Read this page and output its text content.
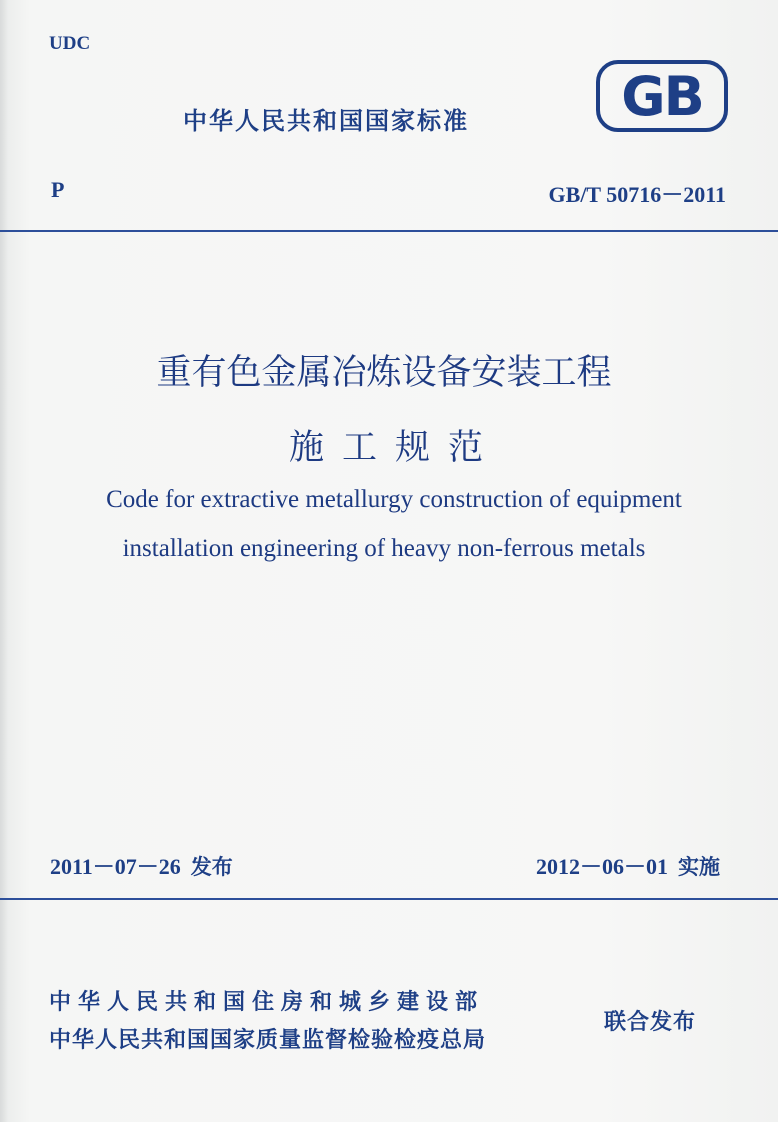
UDC
中华人民共和国国家标准	GB
P	GB/T 50716－2011
重有色金属冶炼设备安装工程
施工规范
Code for extractive metallurgy construction of equipment
installation engineering of heavy non-ferrous metals
2011－07－26 发布	2012－06－01 实施
中华人民共和国住房和城乡建设部
中华人民共和国国家质量监督检验检疫总局
联合发布
